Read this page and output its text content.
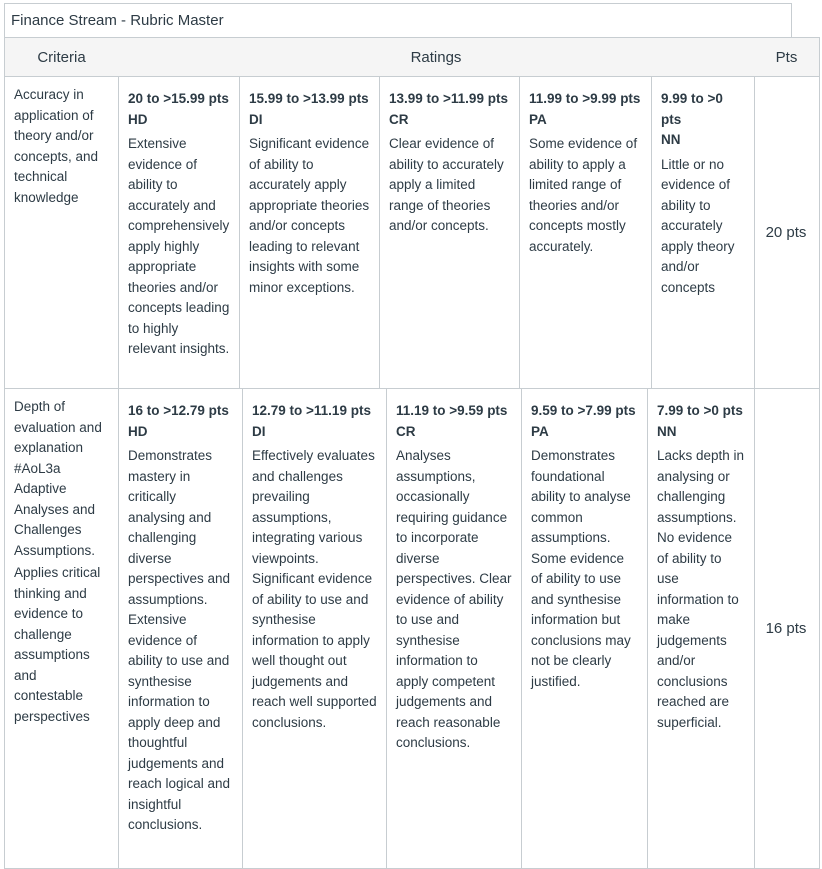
Finance Stream - Rubric Master
Criteria	Ratings	Pts

Accuracy in application of theory and/or concepts, and technical knowledge

20 to >15.99 pts
HD
Extensive evidence of ability to accurately and comprehensively apply highly appropriate theories and/or concepts leading to highly relevant insights.
15.99 to >13.99 pts
DI
Significant evidence of ability to accurately apply appropriate theories and/or concepts leading to relevant insights with some minor exceptions.
13.99 to >11.99 pts
CR
Clear evidence of ability to accurately apply a limited range of theories and/or concepts.
11.99 to >9.99 pts
PA
Some evidence of ability to apply a limited range of theories and/or concepts mostly accurately.
9.99 to >0 pts
NN
Little or no evidence of ability to accurately apply theory and/or concepts
20 pts

Depth of evaluation and explanation #AoL3a Adaptive Analyses and Challenges Assumptions.

Applies critical thinking and evidence to challenge assumptions and contestable perspectives

16 to >12.79 pts
HD
Demonstrates mastery in critically analysing and challenging diverse perspectives and assumptions. Extensive evidence of ability to use and synthesise information to apply deep and thoughtful judgements and reach logical and insightful conclusions.
12.79 to >11.19 pts
DI
Effectively evaluates and challenges prevailing assumptions, integrating various viewpoints. Significant evidence of ability to use and synthesise information to apply well thought out judgements and reach well supported conclusions.
11.19 to >9.59 pts
CR
Analyses assumptions, occasionally requiring guidance to incorporate diverse perspectives. Clear evidence of ability to use and synthesise information to apply competent judgements and reach reasonable conclusions.
9.59 to >7.99 pts
PA
Demonstrates foundational ability to analyse common assumptions. Some evidence of ability to use and synthesise information but conclusions may not be clearly justified.
7.99 to >0 pts
NN
Lacks depth in analysing or challenging assumptions. No evidence of ability to use information to make judgements and/or conclusions reached are superficial.
16 pts
